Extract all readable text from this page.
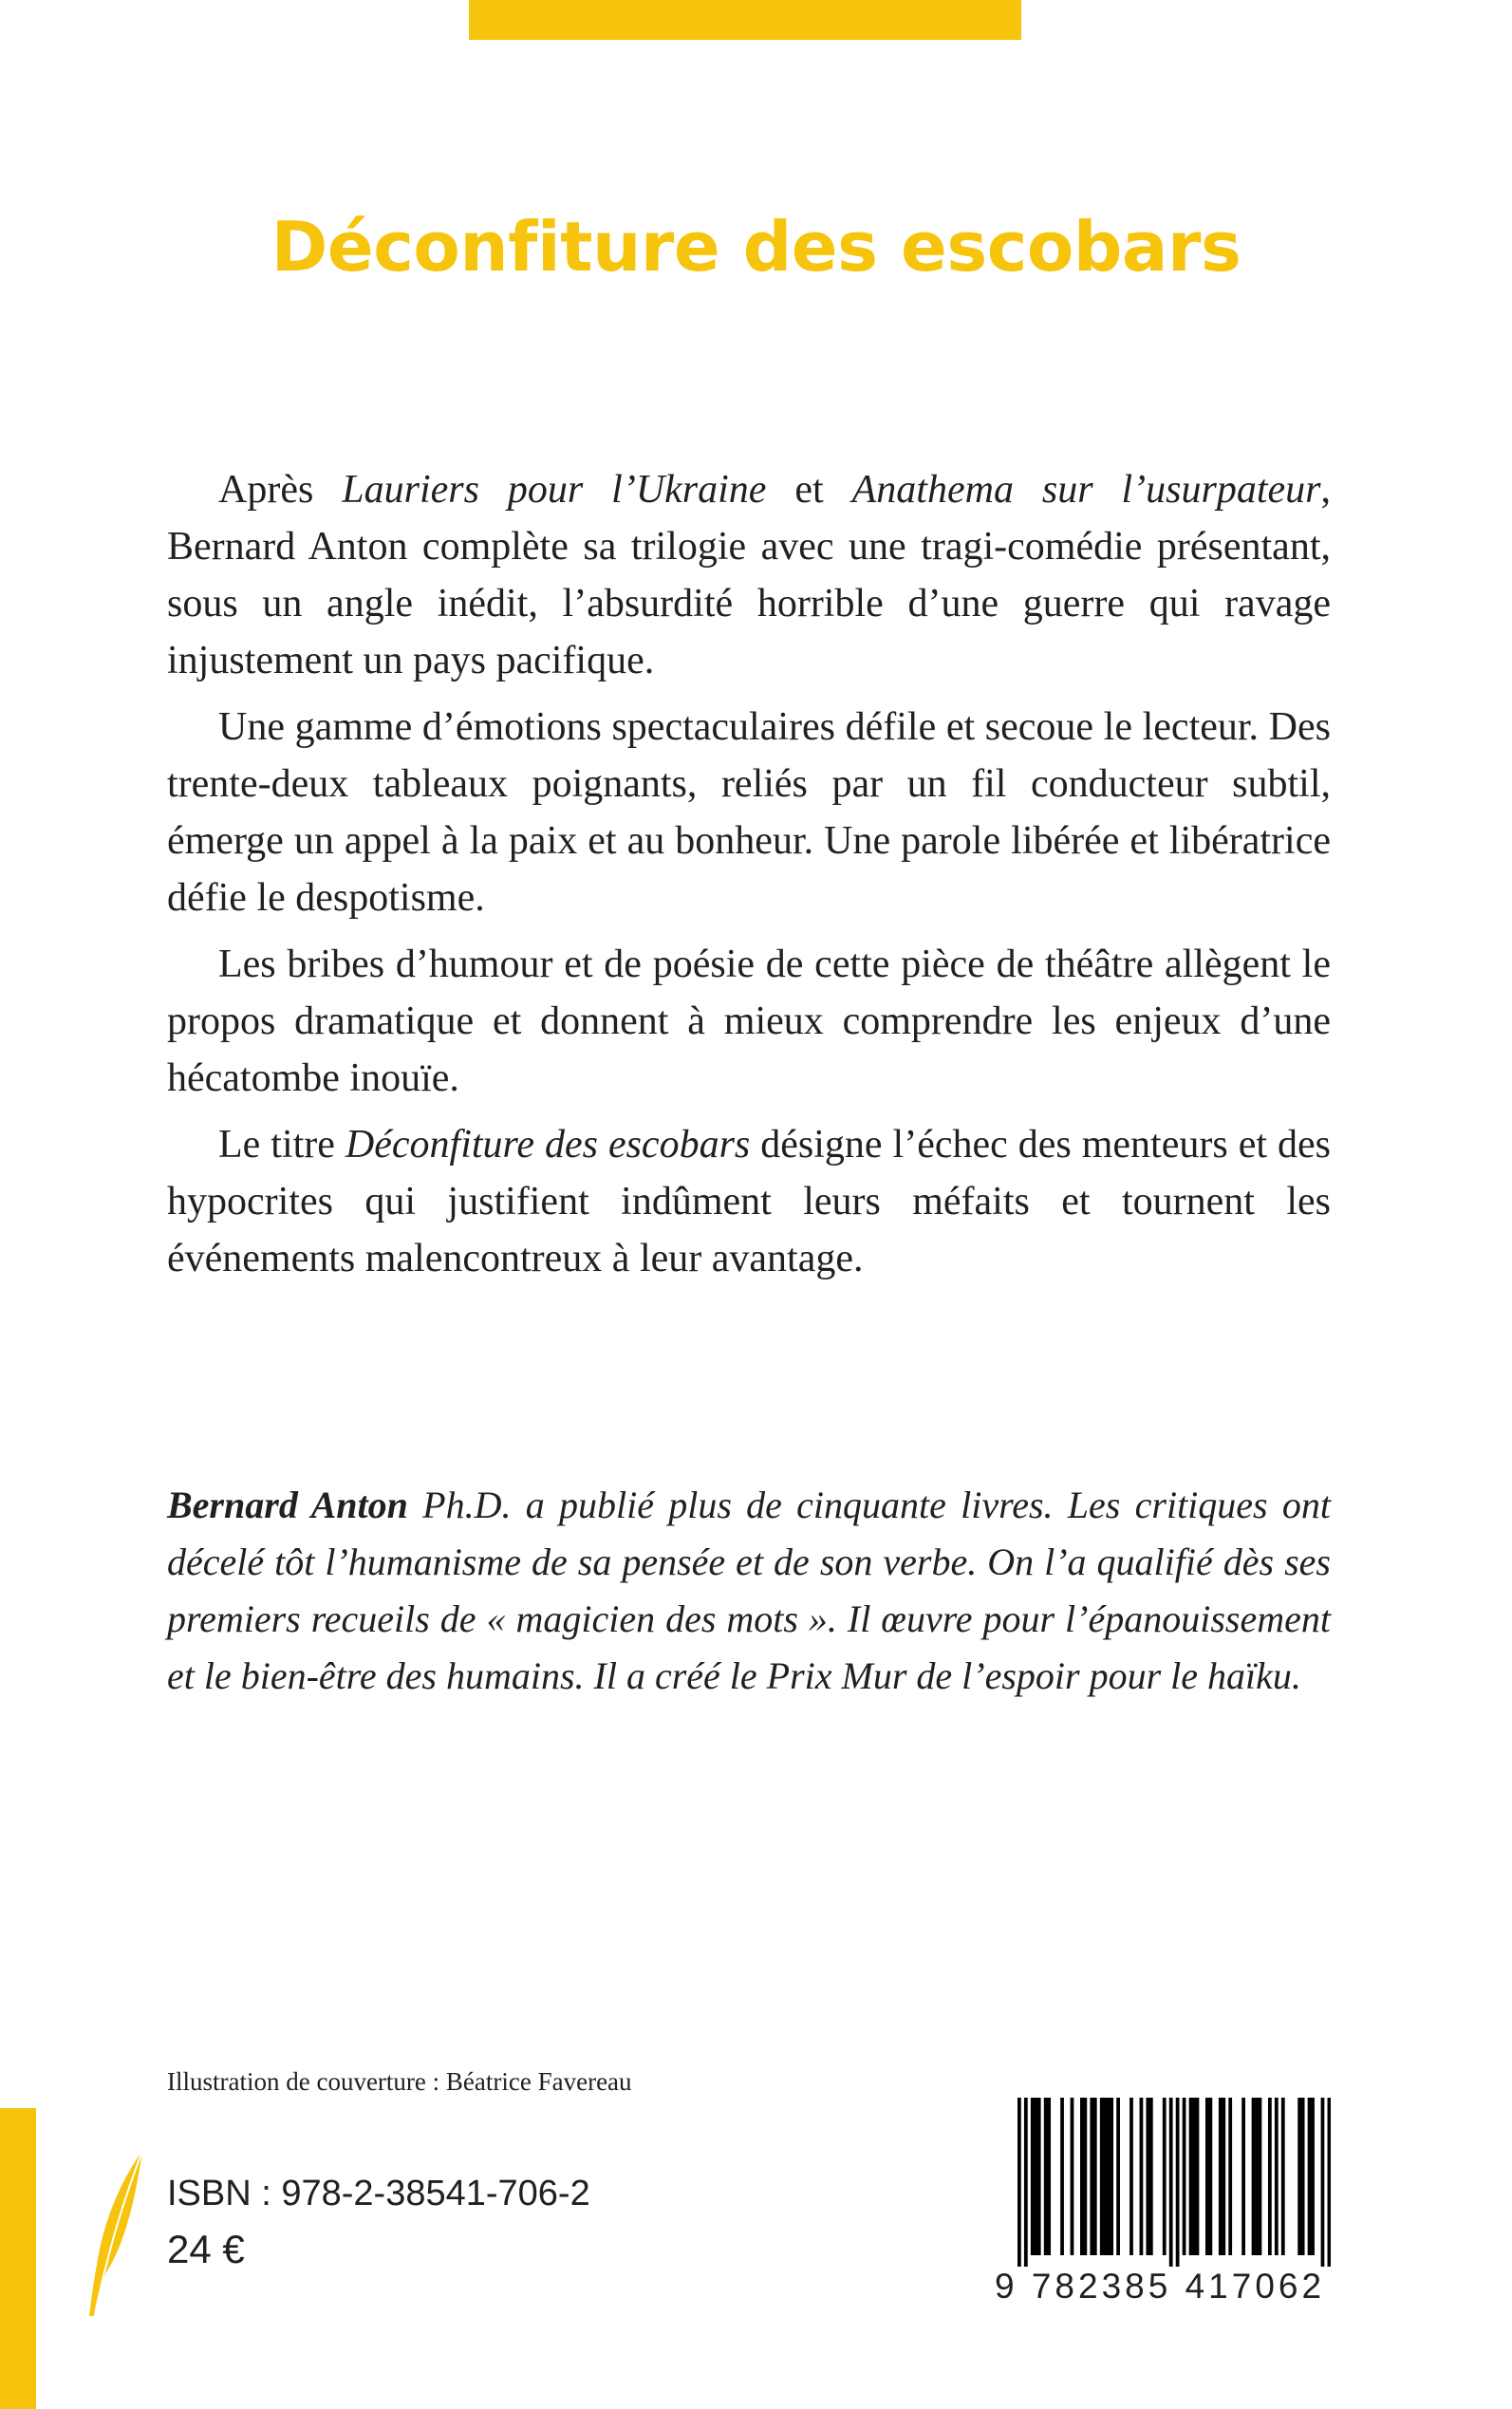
Déconfiture des escobars

Après Lauriers pour l’Ukraine et Anathema sur l’usurpateur, Bernard Anton complète sa trilogie avec une tragi-comédie présentant, sous un angle inédit, l’absurdité horrible d’une guerre qui ravage injustement un pays pacifique.

Une gamme d’émotions spectaculaires défile et secoue le lecteur. Des trente-deux tableaux poignants, reliés par un fil conducteur subtil, émerge un appel à la paix et au bonheur. Une parole libérée et libératrice défie le despotisme.

Les bribes d’humour et de poésie de cette pièce de théâtre allègent le propos dramatique et donnent à mieux comprendre les enjeux d’une hécatombe inouïe.

Le titre Déconfiture des escobars désigne l’échec des menteurs et des hypocrites qui justifient indûment leurs méfaits et tournent les événements malencontreux à leur avantage.

Bernard Anton Ph.D. a publié plus de cinquante livres. Les critiques ont décelé tôt l’humanisme de sa pensée et de son verbe. On l’a qualifié dès ses premiers recueils de « magicien des mots ». Il œuvre pour l’épanouissement et le bien-être des humains. Il a créé le Prix Mur de l’espoir pour le haïku.
Illustration de couverture : Béatrice Favereau
ISBN : 978-2-38541-706-2
24 €
9 782385 417062
